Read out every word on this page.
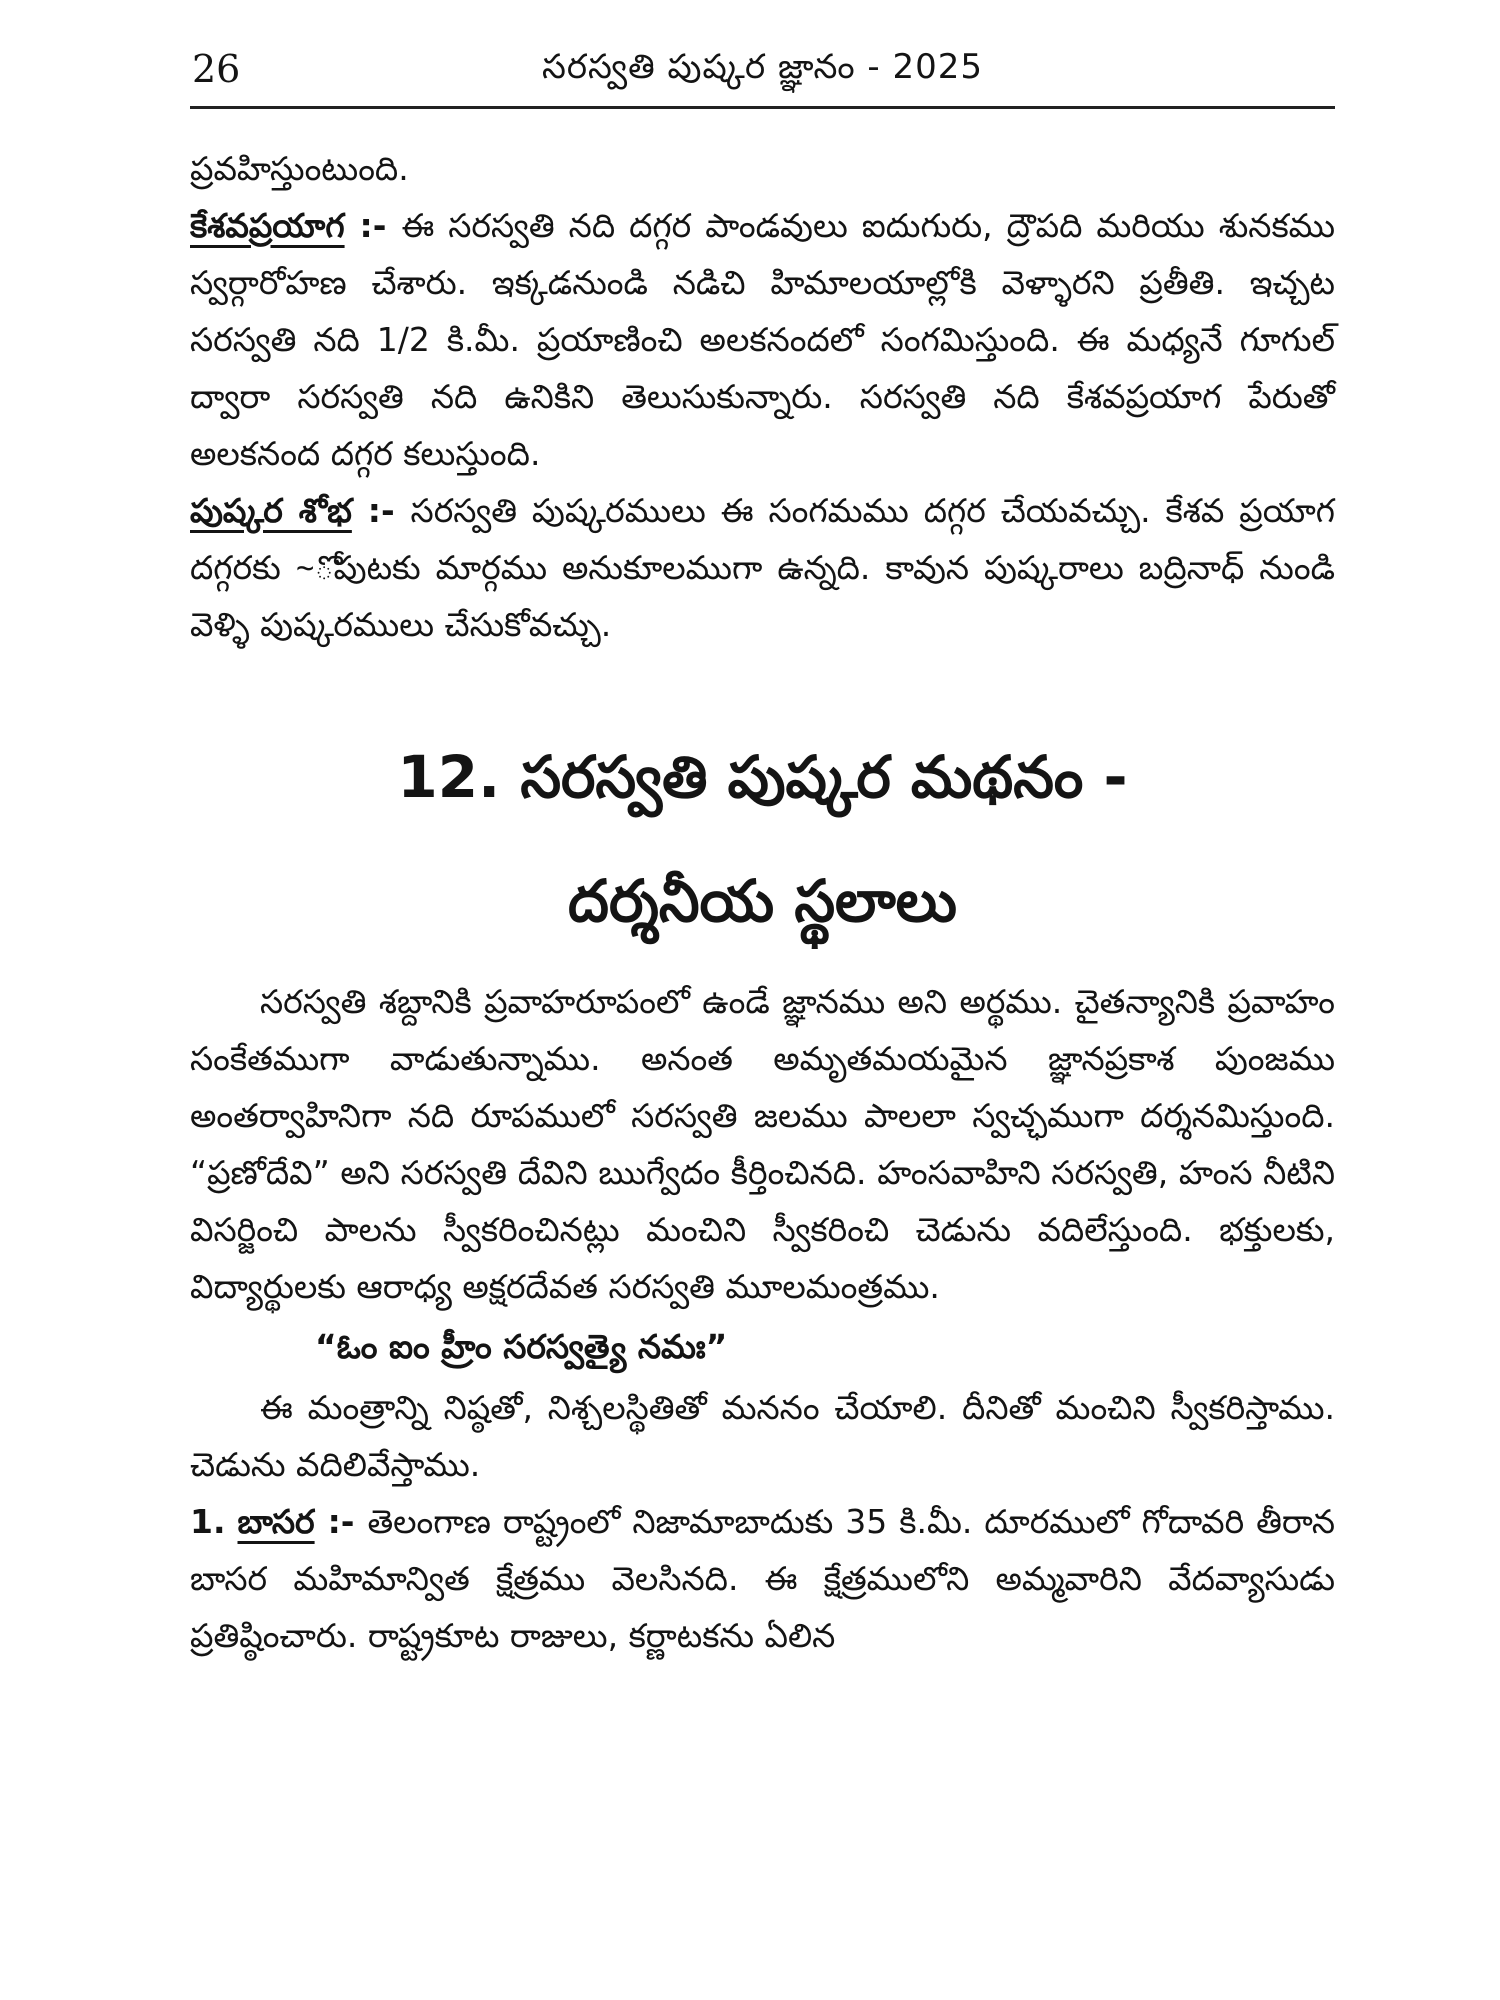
26	సరస్వతి పుష్కర జ్ఞానం - 2025

ప్రవహిస్తుంటుంది.

కేశవప్రయాగ :- ఈ సరస్వతి నది దగ్గర పాండవులు ఐదుగురు, ద్రౌపది మరియు శునకము స్వర్గారోహణ చేశారు. ఇక్కడనుండి నడిచి హిమాలయాల్లోకి వెళ్ళారని ప్రతీతి. ఇచ్చట సరస్వతి నది 1/2 కి.మీ. ప్రయాణించి అలకనందలో సంగమిస్తుంది. ఈ మధ్యనే గూగుల్ ద్వారా సరస్వతి నది ఉనికిని తెలుసుకున్నారు. సరస్వతి నది కేశవప్రయాగ పేరుతో అలకనంద దగ్గర కలుస్తుంది.

పుష్కర శోభ :- సరస్వతి పుష్కరములు ఈ సంగమము దగ్గర చేయవచ్చు. కేశవ ప్రయాగ దగ్గరకు ~ోపుటకు మార్గము అనుకూలముగా ఉన్నది. కావున పుష్కరాలు బద్రినాధ్ నుండి వెళ్ళి పుష్కరములు చేసుకోవచ్చు.

12. సరస్వతి పుష్కర మథనం -
దర్శనీయ స్థలాలు

సరస్వతి శబ్దానికి ప్రవాహరూపంలో ఉండే జ్ఞానము అని అర్థము. చైతన్యానికి ప్రవాహం సంకేతముగా వాడుతున్నాము. అనంత అమృతమయమైన జ్ఞానప్రకాశ పుంజము అంతర్వాహినిగా నది రూపములో సరస్వతి జలము పాలలా స్వచ్ఛముగా దర్శనమిస్తుంది. “ప్రణోదేవి” అని సరస్వతి దేవిని ఋగ్వేదం కీర్తించినది. హంసవాహిని సరస్వతి, హంస నీటిని విసర్జించి పాలను స్వీకరించినట్లు మంచిని స్వీకరించి చెడును వదిలేస్తుంది. భక్తులకు, విద్యార్థులకు ఆరాధ్య అక్షరదేవత సరస్వతి మూలమంత్రము.

“ఓం ఐం హ్రీం సరస్వత్యై నమః”

ఈ మంత్రాన్ని నిష్ఠతో, నిశ్చలస్థితితో మననం చేయాలి. దీనితో మంచిని స్వీకరిస్తాము. చెడును వదిలివేస్తాము.

1. బాసర :- తెలంగాణ రాష్ట్రంలో నిజామాబాదుకు 35 కి.మీ. దూరములో గోదావరి తీరాన బాసర మహిమాన్విత క్షేత్రము వెలసినది. ఈ క్షేత్రములోని అమ్మవారిని వేదవ్యాసుడు ప్రతిష్ఠించారు. రాష్ట్రకూట రాజులు, కర్ణాటకను ఏలిన
